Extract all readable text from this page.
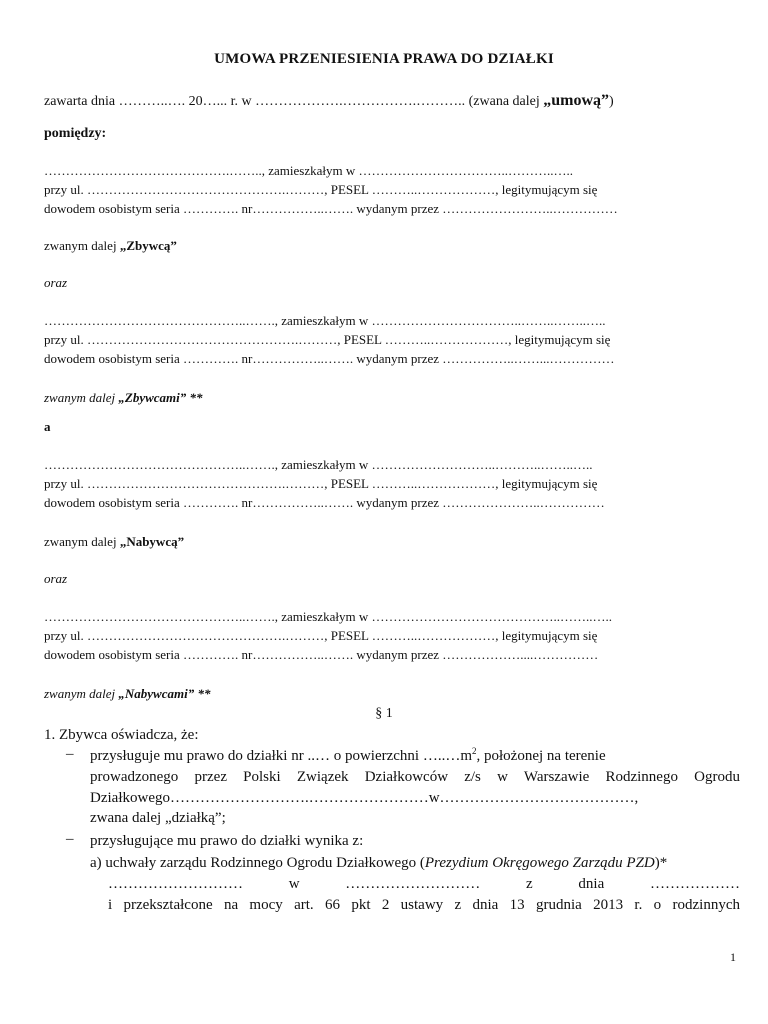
UMOWA PRZENIESIENIA PRAWA DO DZIAŁKI
zawarta dnia ………..…. 20…... r. w ……………….…………….……….. (zwana dalej „umową”)
pomiędzy:
…………………………………….…….., zamieszkałym w ……………………………..………..…..
przy ul. ……………………………………….………, PESEL ………..………………, legitymującym się
dowodem osobistym seria …………. nr……………..……. wydanym przez ……………………..……………
zwanym dalej „Zbywcą”
oraz
………………………………………..……., zamieszkałym w ……………………………..……..……..…..
przy ul. ………………………………………….………, PESEL ………..………………, legitymującym się
dowodem osobistym seria …………. nr……………..……. wydanym przez ……………..……...……………
zwanym dalej „Zbywcami” **
a
………………………………………..……., zamieszkałym w ………………………..………..……..…..
przy ul. ……………………………………….………, PESEL ………..………………, legitymującym się
dowodem osobistym seria …………. nr……………..……. wydanym przez …………………..……………
zwanym dalej „Nabywcą”
oraz
………………………………………..……., zamieszkałym w ……………………………………..……..…..
przy ul. ……………………………………….………, PESEL ………..………………, legitymującym się
dowodem osobistym seria …………. nr……………..……. wydanym przez ………………....……………
zwanym dalej „Nabywcami” **
§ 1
1. Zbywca oświadcza, że:
– przysługuje mu prawo do działki nr ..… o powierzchni $\dots..\dots m^2$, położonej na terenie
prowadzonego przez Polski Związek Działkowców z/s w Warszawie Rodzinnego Ogrodu
Działkowego……………………….……………………w…………………………………,
zwana dalej „działką”;
– przysługujące mu prawo do działki wynika z:
a) uchwały zarządu Rodzinnego Ogrodu Działkowego (Prezydium Okręgowego Zarządu PZD)*
……………………… w ……………………… z dnia ………………
i przekształcone na mocy art. 66 pkt 2 ustawy z dnia 13 grudnia 2013 r. o rodzinnych
1
